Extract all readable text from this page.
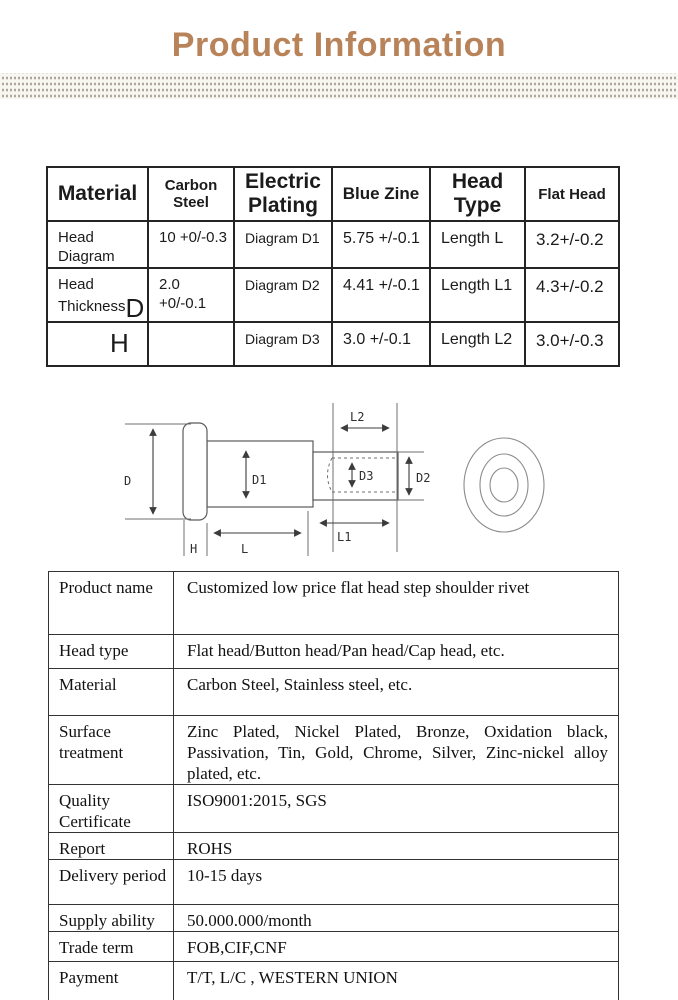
Product Information
Material	Carbon Steel	Electric Plating	Blue Zine	Head Type	Flat Head
Head Diagram	10 +0/-0.3	Diagram D1	5.75 +/-0.1	Length L	3.2+/-0.2
Head ThicknessD	2.0 +0/-0.1	Diagram D2	4.41 +/-0.1	Length L1	4.3+/-0.2
H		Diagram D3	3.0 +/-0.1	Length L2	3.0+/-0.3
D	D1	D3	D2
L2
L1
H	L
Product name	Customized low price flat head step shoulder rivet
Head type	Flat head/Button head/Pan head/Cap head, etc.
Material	Carbon Steel, Stainless steel, etc.
Surface treatment	Zinc Plated, Nickel Plated, Bronze, Oxidation black, Passivation, Tin, Gold, Chrome, Silver, Zinc-nickel alloy plated, etc.
Quality Certificate	ISO9001:2015, SGS
Report	ROHS
Delivery period	10-15 days
Supply ability	50.000.000/month
Trade term	FOB,CIF,CNF
Payment	T/T, L/C , WESTERN UNION
